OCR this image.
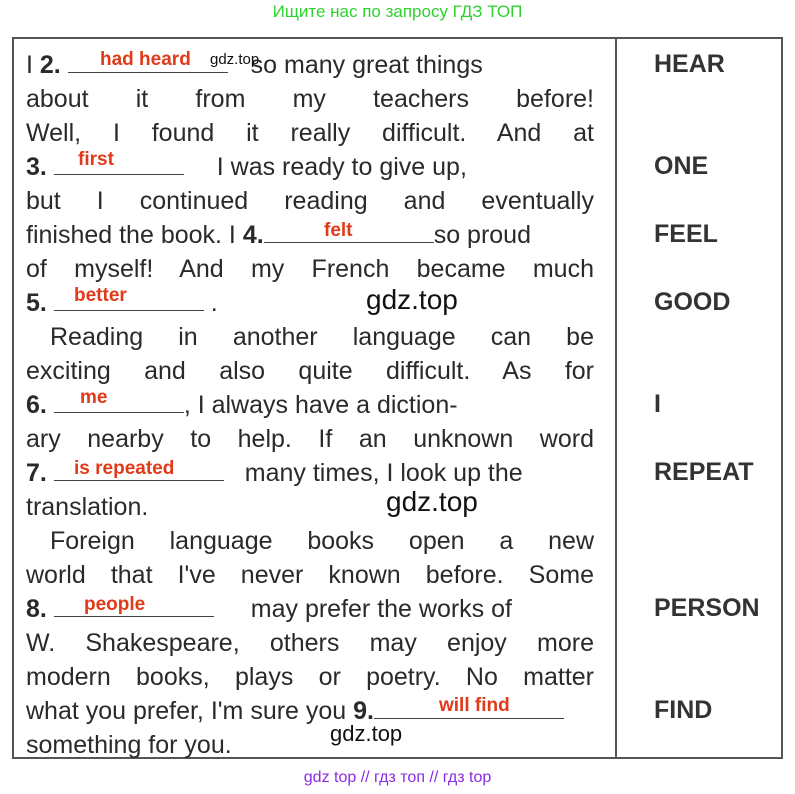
Ищите нас по запросу ГДЗ ТОП
I 2.	so many great things
about it from my teachers before!
Well, I found it really difficult. And at
3.	I was ready to give up,
but I continued reading and eventually
finished the book. I 4.	so proud
of myself! And my French became much
5.	.
Reading in another language can be
exciting and also quite difficult. As for
6.	, I always have a diction-
ary nearby to help. If an unknown word
7.	many times, I look up the
translation.
Foreign language books open a new
world that I've never known before. Some
8.	may prefer the works of
W. Shakespeare, others may enjoy more
modern books, plays or poetry. No matter
what you prefer, I'm sure you 9.
something for you.
had heard
first
felt
better
me
is repeated
people
will find
HEAR
ONE
FEEL
GOOD
I
REPEAT
PERSON
FIND
gdz.top
gdz.top
gdz.top
gdz.top
gdz top // гдз топ // гдз top
